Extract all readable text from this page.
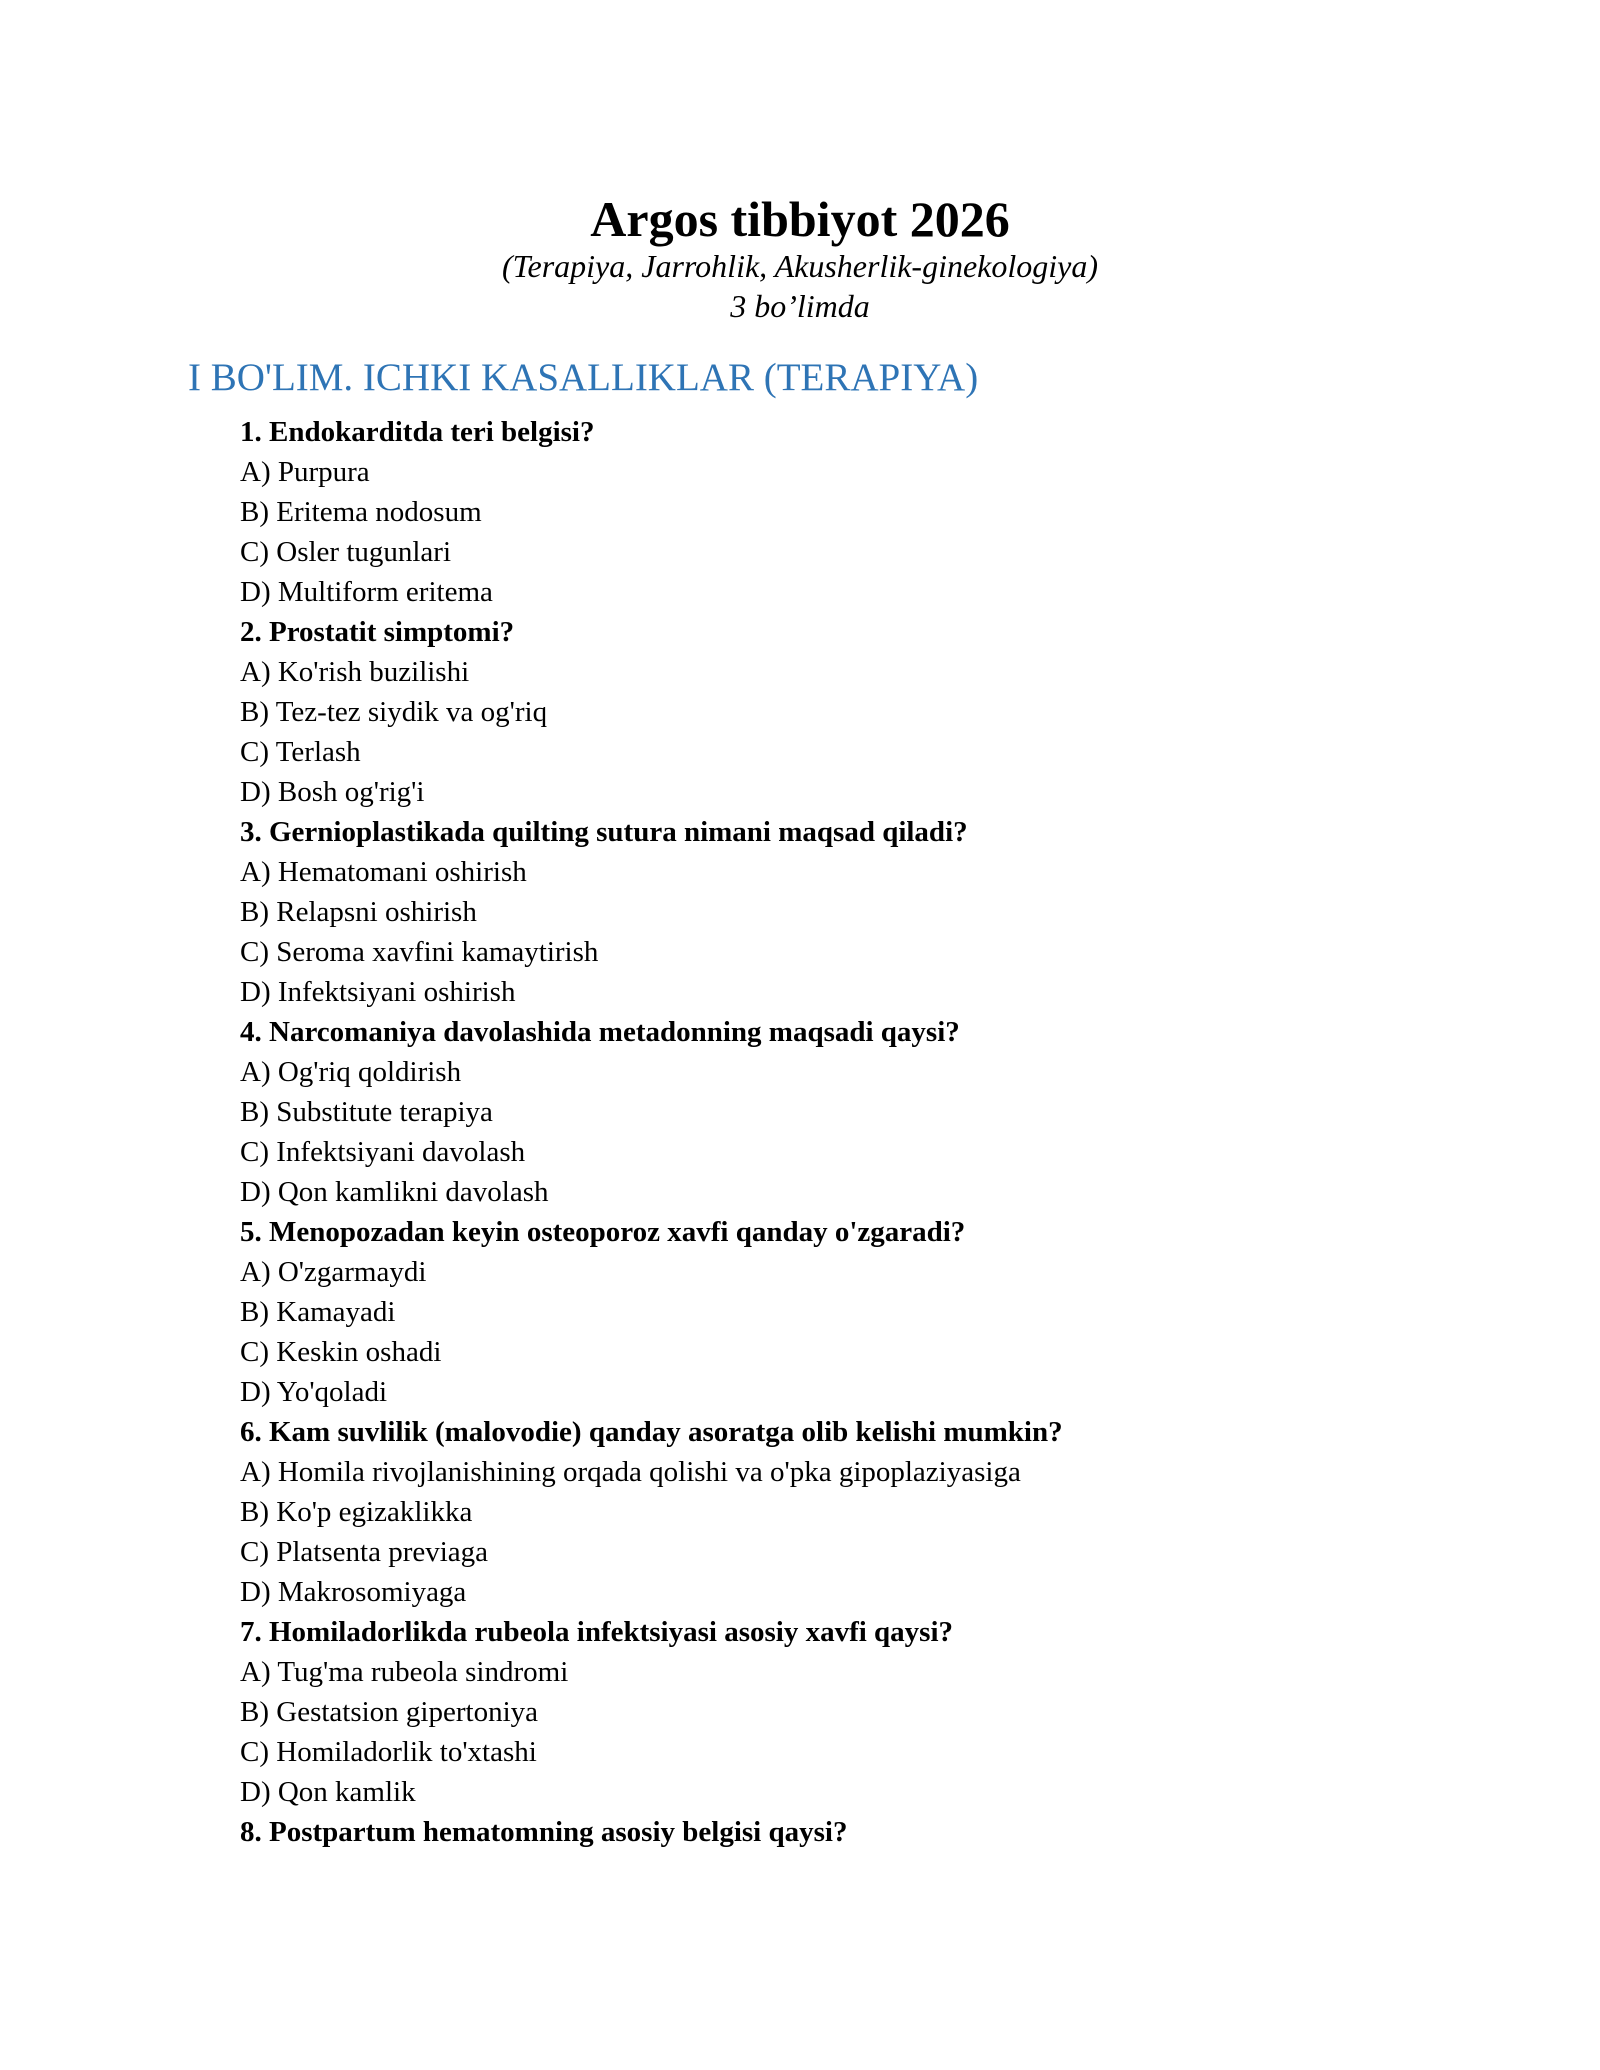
Argos tibbiyot 2026

(Terapiya, Jarrohlik, Akusherlik-ginekologiya)

3 bo’limda

I BO'LIM. ICHKI KASALLIKLAR (TERAPIYA)
1. Endokarditda teri belgisi?
A) Purpura
B) Eritema nodosum
C) Osler tugunlari
D) Multiform eritema
2. Prostatit simptomi?
A) Ko'rish buzilishi
B) Tez-tez siydik va og'riq
C) Terlash
D) Bosh og'rig'i
3. Gernioplastikada quilting sutura nimani maqsad qiladi?
A) Hematomani oshirish
B) Relapsni oshirish
C) Seroma xavfini kamaytirish
D) Infektsiyani oshirish
4. Narcomaniya davolashida metadonning maqsadi qaysi?
A) Og'riq qoldirish
B) Substitute terapiya
C) Infektsiyani davolash
D) Qon kamlikni davolash
5. Menopozadan keyin osteoporoz xavfi qanday o'zgaradi?
A) O'zgarmaydi
B) Kamayadi
C) Keskin oshadi
D) Yo'qoladi
6. Kam suvlilik (malovodie) qanday asoratga olib kelishi mumkin?
A) Homila rivojlanishining orqada qolishi va o'pka gipoplaziyasiga
B) Ko'p egizaklikka
C) Platsenta previaga
D) Makrosomiyaga
7. Homiladorlikda rubeola infektsiyasi asosiy xavfi qaysi?
A) Tug'ma rubeola sindromi
B) Gestatsion gipertoniya
C) Homiladorlik to'xtashi
D) Qon kamlik
8. Postpartum hematomning asosiy belgisi qaysi?
